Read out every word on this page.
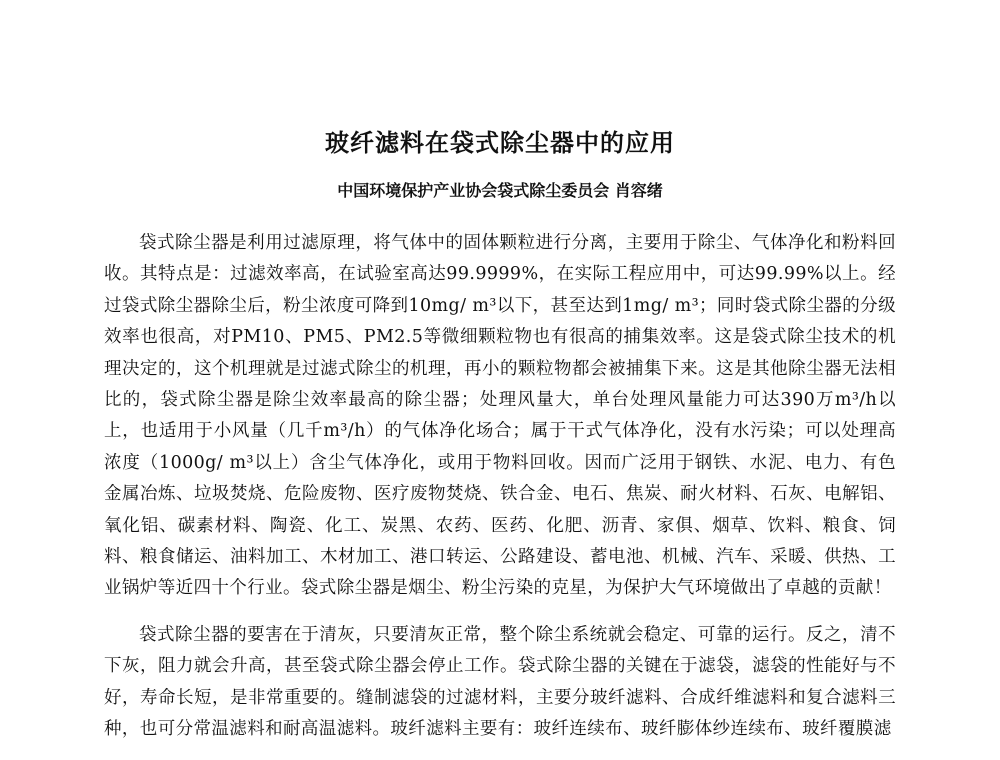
玻纤滤料在袋式除尘器中的应用

中国环境保护产业协会袋式除尘委员会 肖容绪

袋式除尘器是利用过滤原理，将气体中的固体颗粒进行分离，主要用于除尘、气体净化和粉料回收。其特点是：过滤效率高，在试验室高达99.9999%，在实际工程应用中，可达99.99%以上。经过袋式除尘器除尘后，粉尘浓度可降到10mg/ m³以下，甚至达到1mg/ m³；同时袋式除尘器的分级效率也很高，对PM10、PM5、PM2.5等微细颗粒物也有很高的捕集效率。这是袋式除尘技术的机理决定的，这个机理就是过滤式除尘的机理，再小的颗粒物都会被捕集下来。这是其他除尘器无法相比的，袋式除尘器是除尘效率最高的除尘器；处理风量大，单台处理风量能力可达390万m³/h以上，也适用于小风量（几千m³/h）的气体净化场合；属于干式气体净化，没有水污染；可以处理高浓度（1000g/ m³以上）含尘气体净化，或用于物料回收。因而广泛用于钢铁、水泥、电力、有色金属冶炼、垃圾焚烧、危险废物、医疗废物焚烧、铁合金、电石、焦炭、耐火材料、石灰、电解铝、氧化铝、碳素材料、陶瓷、化工、炭黑、农药、医药、化肥、沥青、家俱、烟草、饮料、粮食、饲料、粮食储运、油料加工、木材加工、港口转运、公路建设、蓄电池、机械、汽车、采暖、供热、工业锅炉等近四十个行业。袋式除尘器是烟尘、粉尘污染的克星，为保护大气环境做出了卓越的贡献！

袋式除尘器的要害在于清灰，只要清灰正常，整个除尘系统就会稳定、可靠的运行。反之，清不下灰，阻力就会升高，甚至袋式除尘器会停止工作。袋式除尘器的关键在于滤袋，滤袋的性能好与不好，寿命长短，是非常重要的。缝制滤袋的过滤材料，主要分玻纤滤料、合成纤维滤料和复合滤料三种，也可分常温滤料和耐高温滤料。玻纤滤料主要有：玻纤连续布、玻纤膨体纱连续布、玻纤覆膜滤
